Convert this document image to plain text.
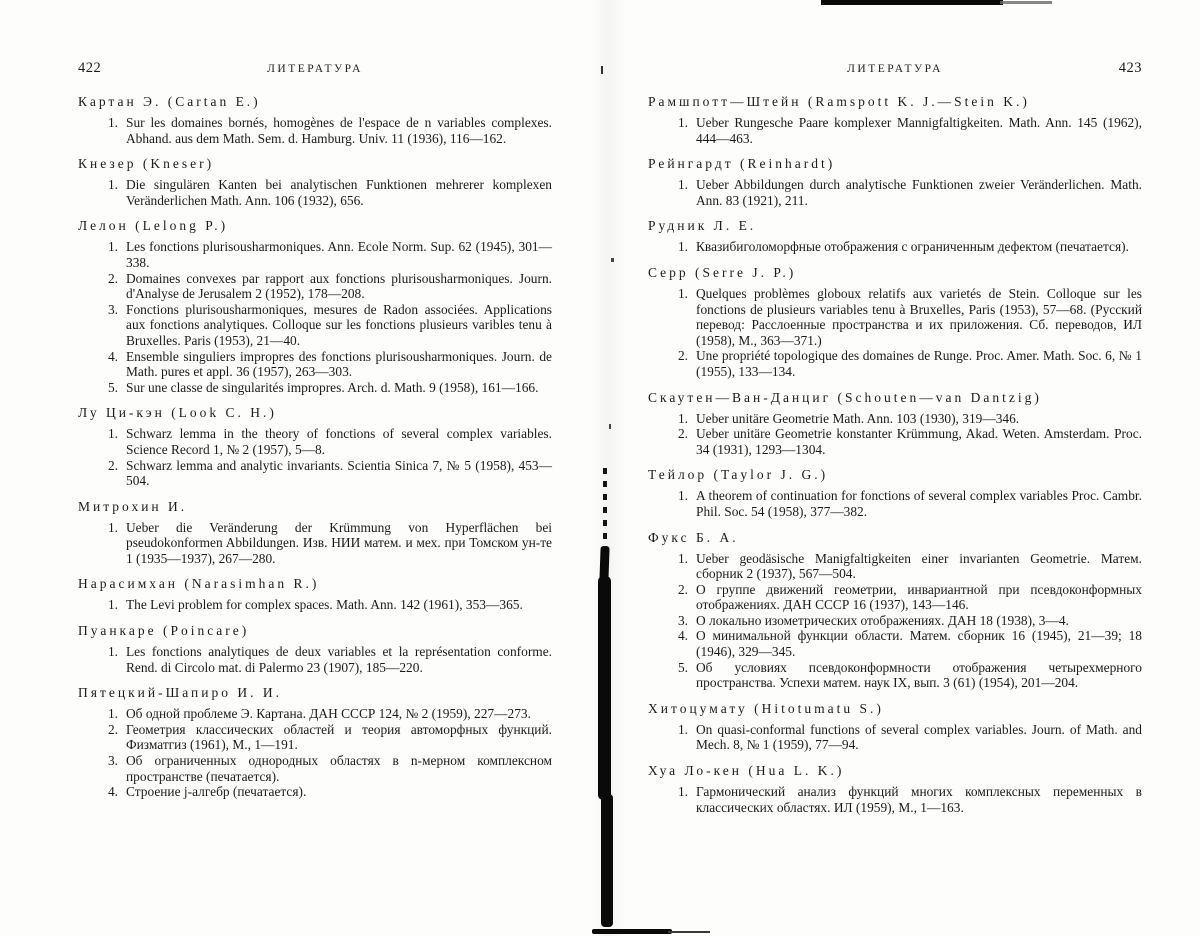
422	ЛИТЕРАТУРА
Картан Э. (Cartan E.)
1. Sur les domaines bornés, homogènes de l'espace de n variables complexes. Abhand. aus dem Math. Sem. d. Hamburg. Univ. 11 (1936), 116—162.
Кнезер (Kneser)
1. Die singulären Kanten bei analytischen Funktionen mehrerer komplexen Veränderlichen Math. Ann. 106 (1932), 656.
Лелон (Lelong P.)
1. Les fonctions plurisousharmoniques. Ann. Ecole Norm. Sup. 62 (1945), 301—338.
2. Domaines convexes par rapport aux fonctions plurisousharmoniques. Journ. d'Analyse de Jerusalem 2 (1952), 178—208.
3. Fonctions plurisousharmoniques, mesures de Radon associées. Applications aux fonctions analytiques. Colloque sur les fonctions plusieurs varibles tenu à Bruxelles. Paris (1953), 21—40.
4. Ensemble singuliers impropres des fonctions plurisousharmoniques. Journ. de Math. pures et appl. 36 (1957), 263—303.
5. Sur une classe de singularités impropres. Arch. d. Math. 9 (1958), 161—166.
Лу Ци-кэн (Look C. H.)
1. Schwarz lemma in the theory of fonctions of several complex variables. Science Record 1, № 2 (1957), 5—8.
2. Schwarz lemma and analytic invariants. Scientia Sinica 7, № 5 (1958), 453—504.
Митрохин И.
1. Ueber die Veränderung der Krümmung von Hyperflächen bei pseudokonformen Abbildungen. Изв. НИИ матем. и мех. при Томском ун-те 1 (1935—1937), 267—280.
Нарасимхан (Narasimhan R.)
1. The Levi problem for complex spaces. Math. Ann. 142 (1961), 353—365.
Пуанкаре (Poincare)
1. Les fonctions analytiques de deux variables et la représentation conforme. Rend. di Circolo mat. di Palermo 23 (1907), 185—220.
Пятецкий-Шапиро И. И.
1. Об одной проблеме Э. Картана. ДАН СССР 124, № 2 (1959), 227—273.
2. Геометрия классических областей и теория автоморфных функций. Физматгиз (1961), М., 1—191.
3. Об ограниченных однородных областях в n-мерном комплексном пространстве (печатается).
4. Строение j-алгебр (печатается).
ЛИТЕРАТУРА	423
Рамшпотт—Штейн (Ramspott K. J.—Stein K.)
1. Ueber Rungesche Paare komplexer Mannigfaltigkeiten. Math. Ann. 145 (1962), 444—463.
Рейнгардт (Reinhardt)
1. Ueber Abbildungen durch analytische Funktionen zweier Veränderlichen. Math. Ann. 83 (1921), 211.
Рудник Л. Е.
1. Квазибиголоморфные отображения с ограниченным дефектом (печатается).
Серр (Serre J. P.)
1. Quelques problèmes globoux relatifs aux varietés de Stein. Colloque sur les fonctions de plusieurs variables tenu à Bruxelles, Paris (1953), 57—68. (Русский перевод: Расслоенные пространства и их приложения. Сб. переводов, ИЛ (1958), М., 363—371.)
2. Une propriété topologique des domaines de Runge. Proc. Amer. Math. Soc. 6, № 1 (1955), 133—134.
Скаутен—Ван-Данциг (Schouten—van Dantzig)
1. Ueber unitäre Geometrie Math. Ann. 103 (1930), 319—346.
2. Ueber unitäre Geometrie konstanter Krümmung, Akad. Weten. Amsterdam. Proc. 34 (1931), 1293—1304.
Тейлор (Taylor J. G.)
1. A theorem of continuation for fonctions of several complex variables Proc. Cambr. Phil. Soc. 54 (1958), 377—382.
Фукс Б. А.
1. Ueber geodäsische Manigfaltigkeiten einer invarianten Geometrie. Матем. сборник 2 (1937), 567—504.
2. О группе движений геометрии, инвариантной при псевдоконформных отображениях. ДАН СССР 16 (1937), 143—146.
3. О локально изометрических отображениях. ДАН 18 (1938), 3—4.
4. О минимальной функции области. Матем. сборник 16 (1945), 21—39; 18 (1946), 329—345.
5. Об условиях псевдоконформности отображения четырехмерного пространства. Успехи матем. наук IX, вып. 3 (61) (1954), 201—204.
Хитоцумату (Hitotumatu S.)
1. On quasi-conformal functions of several complex variables. Journ. of Math. and Mech. 8, № 1 (1959), 77—94.
Хуа Ло-кен (Hua L. K.)
1. Гармонический анализ функций многих комплексных переменных в классических областях. ИЛ (1959), М., 1—163.
